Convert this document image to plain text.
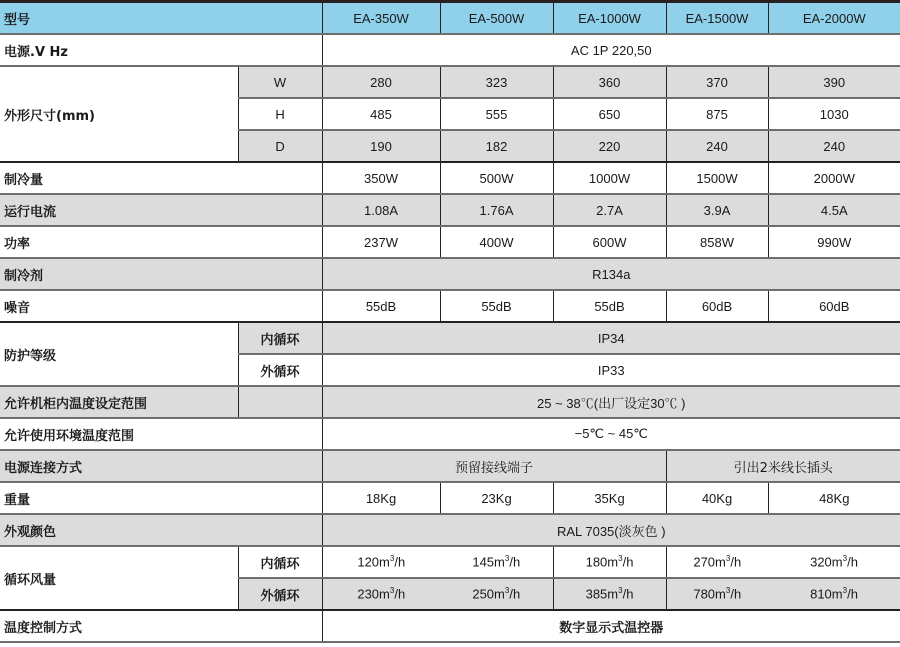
型号		EA-350W	EA-500W	EA-1000W	EA-1500W	EA-2000W
电源.V Hz		AC 1P 220,50				
外形尺寸(mm)	W	280	323	360	370	390
	H	485	555	650	875	1030
	D	190	182	220	240	240
制冷量		350W	500W	1000W	1500W	2000W
运行电流		1.08A	1.76A	2.7A	3.9A	4.5A
功率		237W	400W	600W	858W	990W
制冷剂		R134a				
噪音		55dB	55dB	55dB	60dB	60dB
防护等级	内循环	IP34				
	外循环	IP33				
允许机柜内温度设定范围		25 ~ 38℃(出厂设定30℃ )				
允许使用环境温度范围		−5℃ ~ 45℃				
电源连接方式		预留接线端子			引出2米线长插头	
重量		18Kg	23Kg	35Kg	40Kg	48Kg
外观颜色		RAL 7035(淡灰色 )				
循环风量	内循环	$120m^3/h$	$145m^3/h$	$180m^3/h$	$270m^3/h$	$320m^3/h$
	外循环	$230m^3/h$	$250m^3/h$	$385m^3/h$	$780m^3/h$	$810m^3/h$
温度控制方式		数字显示式温控器				
